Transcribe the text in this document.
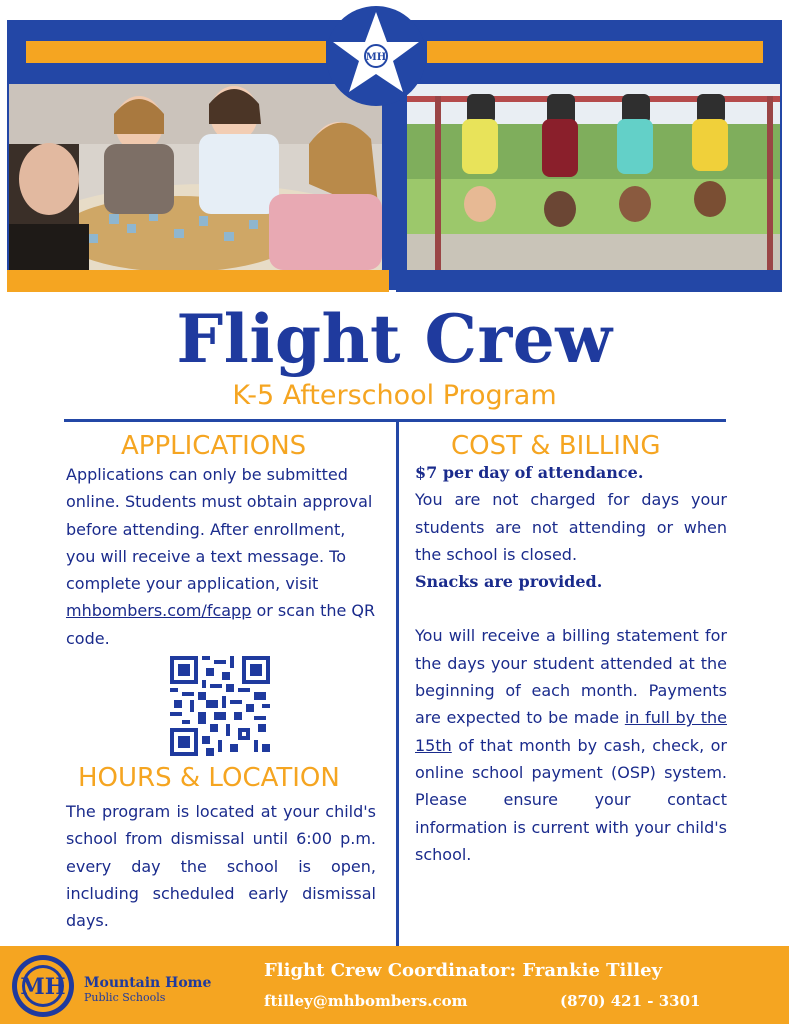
MH
Flight Crew
K-5 Afterschool Program
APPLICATIONS
Applications can only be submitted online. Students must obtain approval before attending. After enrollment, you will receive a text message. To complete your application, visit mhbombers.com/fcapp or scan the QR code.
HOURS & LOCATION
The program is located at your child's school from dismissal until 6:00 p.m. every day the school is open, including scheduled early dismissal days.
COST & BILLING
$7 per day of attendance.
You are not charged for days your students are not attending or when the school is closed.
Snacks are provided.
You will receive a billing statement for the days your student attended at the beginning of each month. Payments are expected to be made in full by the 15th of that month by cash, check, or online school payment (OSP) system. Please ensure your contact information is current with your child's school.
MH Mountain Home
Public Schools
Flight Crew Coordinator: Frankie Tilley
ftilley@mhbombers.com	(870) 421 - 3301
